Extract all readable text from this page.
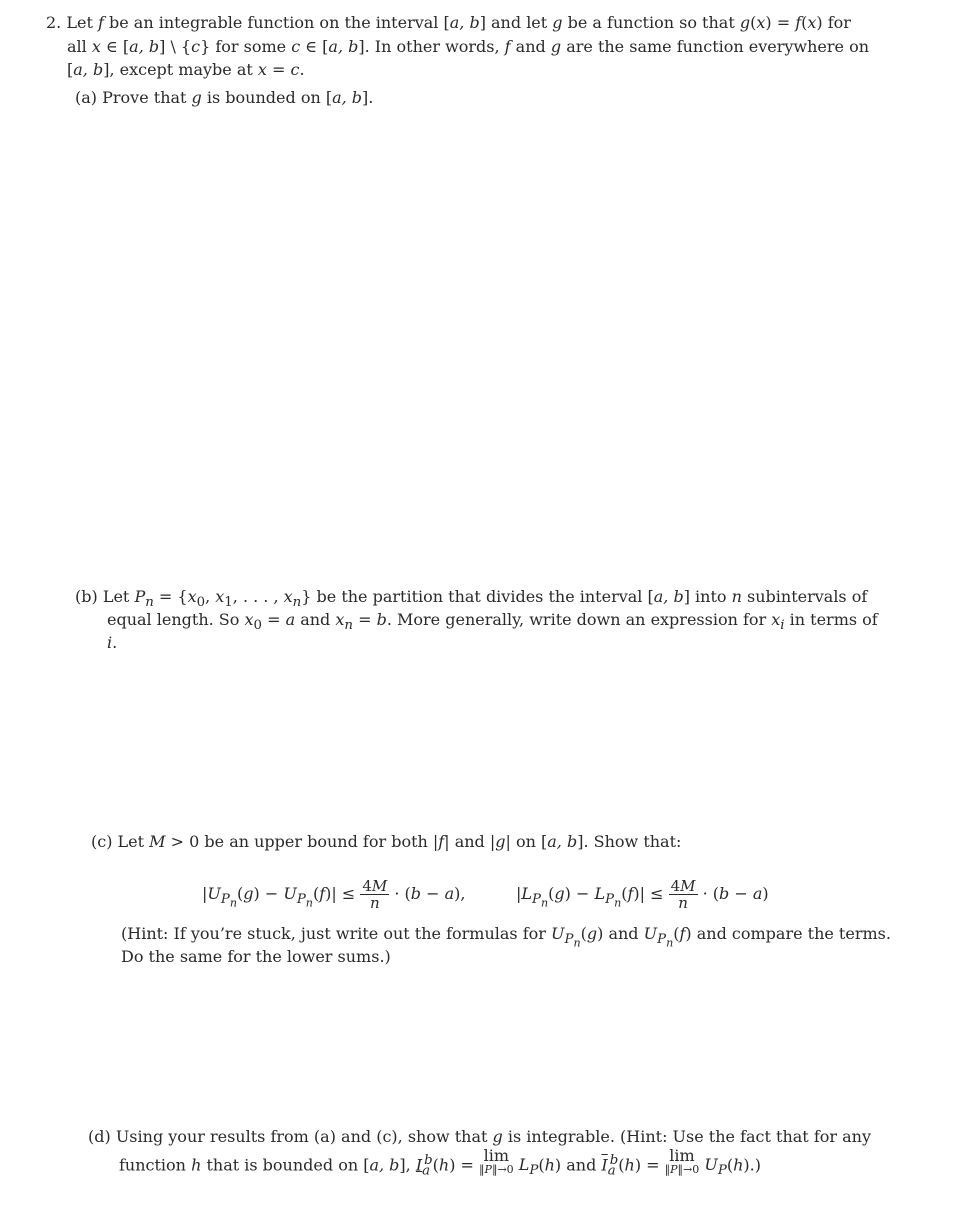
2. Let f be an integrable function on the interval [a, b] and let g be a function so that g(x) = f(x) for
all x ∈ [a, b] \ {c} for some c ∈ [a, b]. In other words, f and g are the same function everywhere on
[a, b], except maybe at x = c.
(a) Prove that g is bounded on [a, b].
(b) Let $P_n = \{x_0$, $x_1$, . . . , $x_n$} be the partition that divides the interval [a, b] into n subintervals of
equal length. So $x_0 = a$ and $x_n = b$. More generally, write down an expression for $x_i$ in terms of
i.
(c) Let M > 0 be an upper bound for both |f| and |g| on [a, b]. Show that:
$|U_{P_n}(g) - U_{P_n}(f)| \le \frac{4M}{n} \cdot (b - a)$,	$|L_{P_n}(g) - L_{P_n}(f)| \le \frac{4M}{n} \cdot (b - a)$
(Hint: If you’re stuck, just write out the formulas for $U_{P_n}(g)$ and $U_{P_n}(f)$ and compare the terms.
Do the same for the lower sums.)
(d) Using your results from (a) and (c), show that g is integrable. (Hint: Use the fact that for any
function h that is bounded on [a, b], $I_a^b(h) = \lim$
‖P‖→0 $L_P(h)$ and $\overline{I}_a^b(h) = \lim$
‖P‖→0 $U_P(h)$.)
